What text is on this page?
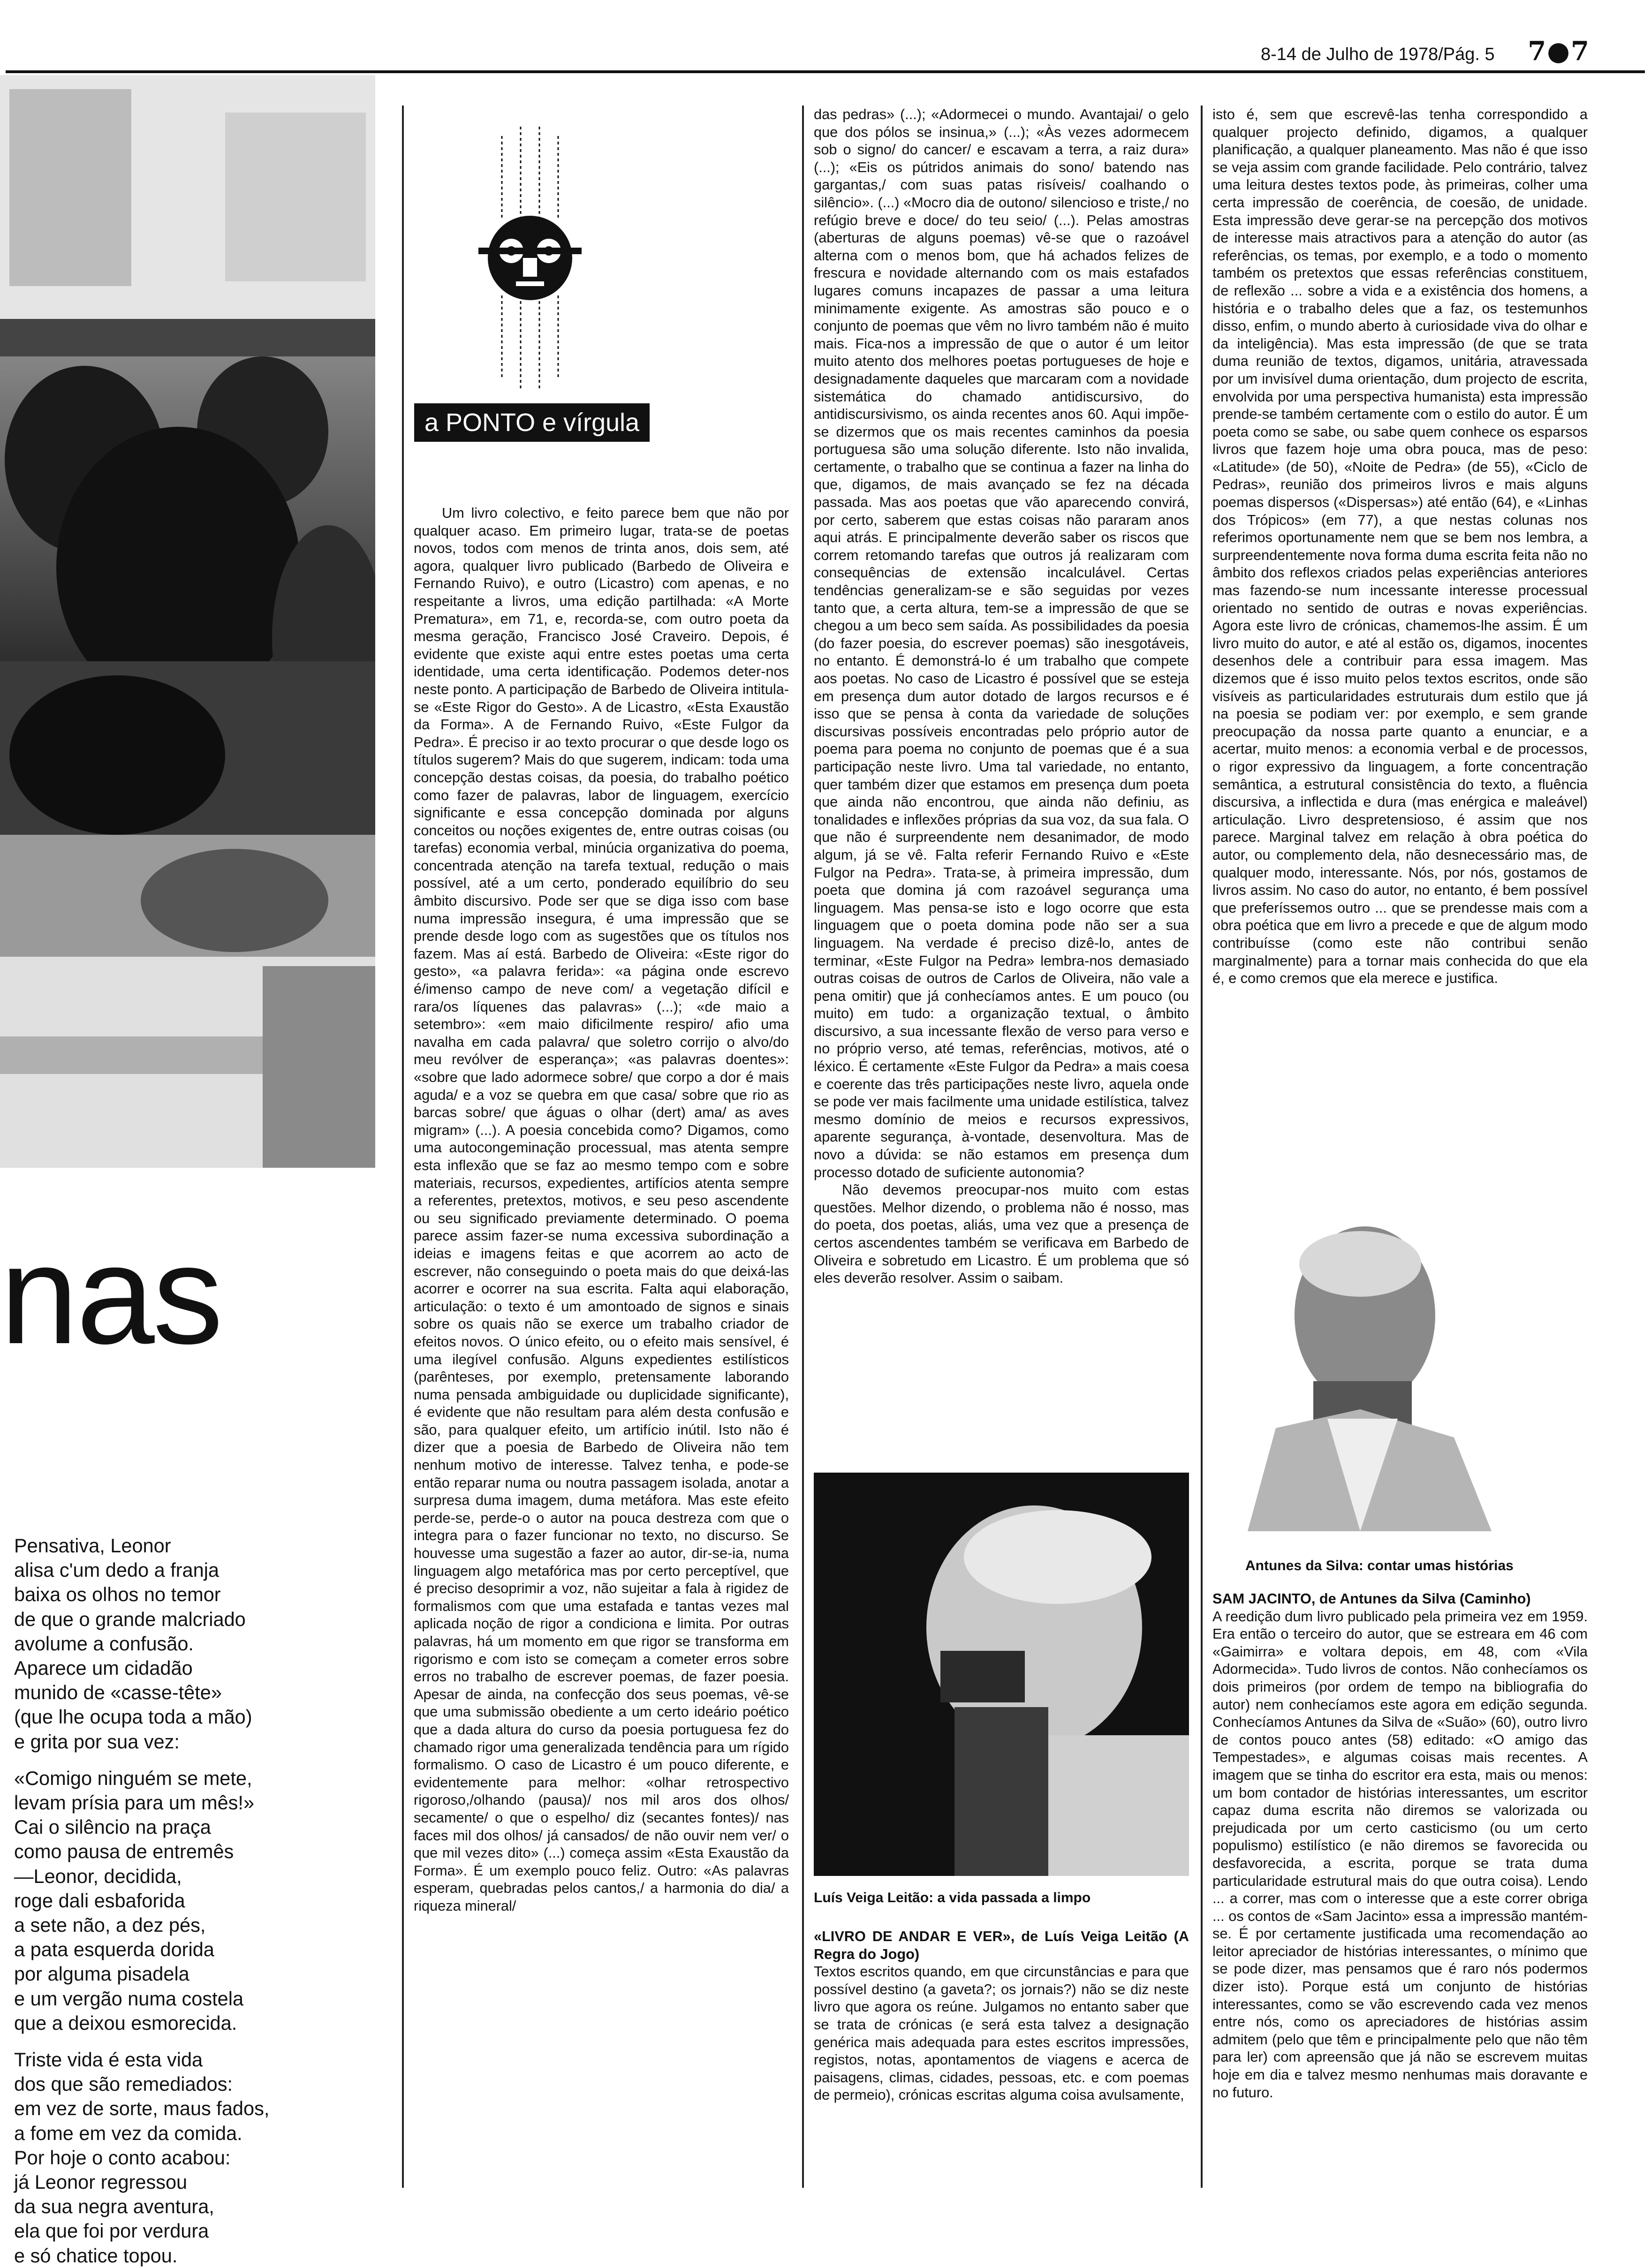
8-14 de Julho de 1978/Pág. 5 7●7
nas
Pensativa, Leonor
alisa c'um dedo a franja
baixa os olhos no temor
de que o grande malcriado
avolume a confusão.
Aparece um cidadão
munido de «casse-tête»
(que lhe ocupa toda a mão)
e grita por sua vez:
«Comigo ninguém se mete,
levam prísia para um mês!»
Cai o silêncio na praça
como pausa de entremês
—Leonor, decidida,
roge dali esbaforida
a sete não, a dez pés,
a pata esquerda dorida
por alguma pisadela
e um vergão numa costela
que a deixou esmorecida.
Triste vida é esta vida
dos que são remediados:
em vez de sorte, maus fados,
a fome em vez da comida.
Por hoje o conto acabou:
já Leonor regressou
da sua negra aventura,
ela que foi por verdura
e só chatice topou.
a PONTO e vírgula

Um livro colectivo, e feito parece bem que não por qualquer acaso. Em primeiro lugar, trata-se de poetas novos, todos com menos de trinta anos, dois sem, até agora, qualquer livro publicado (Barbedo de Oliveira e Fernando Ruivo), e outro (Licastro) com apenas, e no respeitante a livros, uma edição partilhada: «A Morte Prematura», em 71, e, recorda-se, com outro poeta da mesma geração, Francisco José Craveiro. Depois, é evidente que existe aqui entre estes poetas uma certa identidade, uma certa identificação. Podemos deter-nos neste ponto. A participação de Barbedo de Oliveira intitula-se «Este Rigor do Gesto». A de Licastro, «Esta Exaustão da Forma». A de Fernando Ruivo, «Este Fulgor da Pedra». É preciso ir ao texto procurar o que desde logo os títulos sugerem? Mais do que sugerem, indicam: toda uma concepção destas coisas, da poesia, do trabalho poético como fazer de palavras, labor de linguagem, exercício significante e essa concepção dominada por alguns conceitos ou noções exigentes de, entre outras coisas (ou tarefas) economia verbal, minúcia organizativa do poema, concentrada atenção na tarefa textual, redução o mais possível, até a um certo, ponderado equilíbrio do seu âmbito discursivo. Pode ser que se diga isso com base numa impressão insegura, é uma impressão que se prende desde logo com as sugestões que os títulos nos fazem. Mas aí está. Barbedo de Oliveira: «Este rigor do gesto», «a palavra ferida»: «a página onde escrevo é/imenso campo de neve com/ a vegetação difícil e rara/os líquenes das palavras» (...); «de maio a setembro»: «em maio dificilmente respiro/ afio uma navalha em cada palavra/ que soletro corrijo o alvo/do meu revólver de esperança»; «as palavras doentes»: «sobre que lado adormece sobre/ que corpo a dor é mais aguda/ e a voz se quebra em que casa/ sobre que rio as barcas sobre/ que águas o olhar (dert) ama/ as aves migram» (...). A poesia concebida como? Digamos, como uma autocongeminação processual, mas atenta sempre esta inflexão que se faz ao mesmo tempo com e sobre materiais, recursos, expedientes, artifícios atenta sempre a referentes, pretextos, motivos, e seu peso ascendente ou seu significado previamente determinado. O poema parece assim fazer-se numa excessiva subordinação a ideias e imagens feitas e que acorrem ao acto de escrever, não conseguindo o poeta mais do que deixá-las acorrer e ocorrer na sua escrita. Falta aqui elaboração, articulação: o texto é um amontoado de signos e sinais sobre os quais não se exerce um trabalho criador de efeitos novos. O único efeito, ou o efeito mais sensível, é uma ilegível confusão. Alguns expedientes estilísticos (parênteses, por exemplo, pretensamente laborando numa pensada ambiguidade ou duplicidade significante), é evidente que não resultam para além desta confusão e são, para qualquer efeito, um artifício inútil. Isto não é dizer que a poesia de Barbedo de Oliveira não tem nenhum motivo de interesse. Talvez tenha, e pode-se então reparar numa ou noutra passagem isolada, anotar a surpresa duma imagem, duma metáfora. Mas este efeito perde-se, perde-o o autor na pouca destreza com que o integra para o fazer funcionar no texto, no discurso. Se houvesse uma sugestão a fazer ao autor, dir-se-ia, numa linguagem algo metafórica mas por certo perceptível, que é preciso desoprimir a voz, não sujeitar a fala à rigidez de formalismos com que uma estafada e tantas vezes mal aplicada noção de rigor a condiciona e limita. Por outras palavras, há um momento em que rigor se transforma em rigorismo e com isto se começam a cometer erros sobre erros no trabalho de escrever poemas, de fazer poesia. Apesar de ainda, na confecção dos seus poemas, vê-se que uma submissão obediente a um certo ideário poético que a dada altura do curso da poesia portuguesa fez do chamado rigor uma generalizada tendência para um rígido formalismo. O caso de Licastro é um pouco diferente, e evidentemente para melhor: «olhar retrospectivo rigoroso,/olhando (pausa)/ nos mil aros dos olhos/ secamente/ o que o espelho/ diz (secantes fontes)/ nas faces mil dos olhos/ já cansados/ de não ouvir nem ver/ o que mil vezes dito» (...) começa assim «Esta Exaustão da Forma». É um exemplo pouco feliz. Outro: «As palavras esperam, quebradas pelos cantos,/ a harmonia do dia/ a riqueza mineral/

das pedras» (...); «Adormecei o mundo. Avantajai/ o gelo que dos pólos se insinua,» (...); «Às vezes adormecem sob o signo/ do cancer/ e escavam a terra, a raiz dura» (...); «Eis os pútridos animais do sono/ batendo nas gargantas,/ com suas patas risíveis/ coalhando o silêncio». (...) «Mocro dia de outono/ silencioso e triste,/ no refúgio breve e doce/ do teu seio/ (...). Pelas amostras (aberturas de alguns poemas) vê-se que o razoável alterna com o menos bom, que há achados felizes de frescura e novidade alternando com os mais estafados lugares comuns incapazes de passar a uma leitura minimamente exigente. As amostras são pouco e o conjunto de poemas que vêm no livro também não é muito mais. Fica-nos a impressão de que o autor é um leitor muito atento dos melhores poetas portugueses de hoje e designadamente daqueles que marcaram com a novidade sistemática do chamado antidiscursivo, do antidiscursivismo, os ainda recentes anos 60. Aqui impõe-se dizermos que os mais recentes caminhos da poesia portuguesa são uma solução diferente. Isto não invalida, certamente, o trabalho que se continua a fazer na linha do que, digamos, de mais avançado se fez na década passada. Mas aos poetas que vão aparecendo convirá, por certo, saberem que estas coisas não pararam anos aqui atrás. E principalmente deverão saber os riscos que correm retomando tarefas que outros já realizaram com consequências de extensão incalculável. Certas tendências generalizam-se e são seguidas por vezes tanto que, a certa altura, tem-se a impressão de que se chegou a um beco sem saída. As possibilidades da poesia (do fazer poesia, do escrever poemas) são inesgotáveis, no entanto. É demonstrá-lo é um trabalho que compete aos poetas. No caso de Licastro é possível que se esteja em presença dum autor dotado de largos recursos e é isso que se pensa à conta da variedade de soluções discursivas possíveis encontradas pelo próprio autor de poema para poema no conjunto de poemas que é a sua participação neste livro. Uma tal variedade, no entanto, quer também dizer que estamos em presença dum poeta que ainda não encontrou, que ainda não definiu, as tonalidades e inflexões próprias da sua voz, da sua fala. O que não é surpreendente nem desanimador, de modo algum, já se vê. Falta referir Fernando Ruivo e «Este Fulgor na Pedra». Trata-se, à primeira impressão, dum poeta que domina já com razoável segurança uma linguagem. Mas pensa-se isto e logo ocorre que esta linguagem que o poeta domina pode não ser a sua linguagem. Na verdade é preciso dizê-lo, antes de terminar, «Este Fulgor na Pedra» lembra-nos demasiado outras coisas de outros de Carlos de Oliveira, não vale a pena omitir) que já conhecíamos antes. E um pouco (ou muito) em tudo: a organização textual, o âmbito discursivo, a sua incessante flexão de verso para verso e no próprio verso, até temas, referências, motivos, até o léxico. É certamente «Este Fulgor da Pedra» a mais coesa e coerente das três participações neste livro, aquela onde se pode ver mais facilmente uma unidade estilística, talvez mesmo domínio de meios e recursos expressivos, aparente segurança, à-vontade, desenvoltura. Mas de novo a dúvida: se não estamos em presença dum processo dotado de suficiente autonomia?

Não devemos preocupar-nos muito com estas questões. Melhor dizendo, o problema não é nosso, mas do poeta, dos poetas, aliás, uma vez que a presença de certos ascendentes também se verificava em Barbedo de Oliveira e sobretudo em Licastro. É um problema que só eles deverão resolver. Assim o saibam.

Luís Veiga Leitão: a vida passada a limpo

«LIVRO DE ANDAR E VER», de Luís Veiga Leitão (A Regra do Jogo)

Textos escritos quando, em que circunstâncias e para que possível destino (a gaveta?; os jornais?) não se diz neste livro que agora os reúne. Julgamos no entanto saber que se trata de crónicas (e será esta talvez a designação genérica mais adequada para estes escritos impressões, registos, notas, apontamentos de viagens e acerca de paisagens, climas, cidades, pessoas, etc. e com poemas de permeio), crónicas escritas alguma coisa avulsamente,

isto é, sem que escrevê-las tenha correspondido a qualquer projecto definido, digamos, a qualquer planificação, a qualquer planeamento. Mas não é que isso se veja assim com grande facilidade. Pelo contrário, talvez uma leitura destes textos pode, às primeiras, colher uma certa impressão de coerência, de coesão, de unidade. Esta impressão deve gerar-se na percepção dos motivos de interesse mais atractivos para a atenção do autor (as referências, os temas, por exemplo, e a todo o momento também os pretextos que essas referências constituem, de reflexão ... sobre a vida e a existência dos homens, a história e o trabalho deles que a faz, os testemunhos disso, enfim, o mundo aberto à curiosidade viva do olhar e da inteligência). Mas esta impressão (de que se trata duma reunião de textos, digamos, unitária, atravessada por um invisível duma orientação, dum projecto de escrita, envolvida por uma perspectiva humanista) esta impressão prende-se também certamente com o estilo do autor. É um poeta como se sabe, ou sabe quem conhece os esparsos livros que fazem hoje uma obra pouca, mas de peso: «Latitude» (de 50), «Noite de Pedra» (de 55), «Ciclo de Pedras», reunião dos primeiros livros e mais alguns poemas dispersos («Dispersas») até então (64), e «Linhas dos Trópicos» (em 77), a que nestas colunas nos referimos oportunamente nem que se bem nos lembra, a surpreendentemente nova forma duma escrita feita não no âmbito dos reflexos criados pelas experiências anteriores mas fazendo-se num incessante interesse processual orientado no sentido de outras e novas experiências. Agora este livro de crónicas, chamemos-lhe assim. É um livro muito do autor, e até al estão os, digamos, inocentes desenhos dele a contribuir para essa imagem. Mas dizemos que é isso muito pelos textos escritos, onde são visíveis as particularidades estruturais dum estilo que já na poesia se podiam ver: por exemplo, e sem grande preocupação da nossa parte quanto a enunciar, e a acertar, muito menos: a economia verbal e de processos, o rigor expressivo da linguagem, a forte concentração semântica, a estrutural consistência do texto, a fluência discursiva, a inflectida e dura (mas enérgica e maleável) articulação. Livro despretensioso, é assim que nos parece. Marginal talvez em relação à obra poética do autor, ou complemento dela, não desnecessário mas, de qualquer modo, interessante. Nós, por nós, gostamos de livros assim. No caso do autor, no entanto, é bem possível que preferíssemos outro ... que se prendesse mais com a obra poética que em livro a precede e que de algum modo contribuísse (como este não contribui senão marginalmente) para a tornar mais conhecida do que ela é, e como cremos que ela merece e justifica.

Antunes da Silva: contar umas histórias

SAM JACINTO, de Antunes da Silva (Caminho)

A reedição dum livro publicado pela primeira vez em 1959. Era então o terceiro do autor, que se estreara em 46 com «Gaimirra» e voltara depois, em 48, com «Vila Adormecida». Tudo livros de contos. Não conhecíamos os dois primeiros (por ordem de tempo na bibliografia do autor) nem conhecíamos este agora em edição segunda. Conhecíamos Antunes da Silva de «Suão» (60), outro livro de contos pouco antes (58) editado: «O amigo das Tempestades», e algumas coisas mais recentes. A imagem que se tinha do escritor era esta, mais ou menos: um bom contador de histórias interessantes, um escritor capaz duma escrita não diremos se valorizada ou prejudicada por um certo casticismo (ou um certo populismo) estilístico (e não diremos se favorecida ou desfavorecida, a escrita, porque se trata duma particularidade estrutural mais do que outra coisa). Lendo ... a correr, mas com o interesse que a este correr obriga ... os contos de «Sam Jacinto» essa a impressão mantém-se. É por certamente justificada uma recomendação ao leitor apreciador de histórias interessantes, o mínimo que se pode dizer, mas pensamos que é raro nós podermos dizer isto). Porque está um conjunto de histórias interessantes, como se vão escrevendo cada vez menos entre nós, como os apreciadores de histórias assim admitem (pelo que têm e principalmente pelo que não têm para ler) com apreensão que já não se escrevem muitas hoje em dia e talvez mesmo nenhumas mais doravante e no futuro.
